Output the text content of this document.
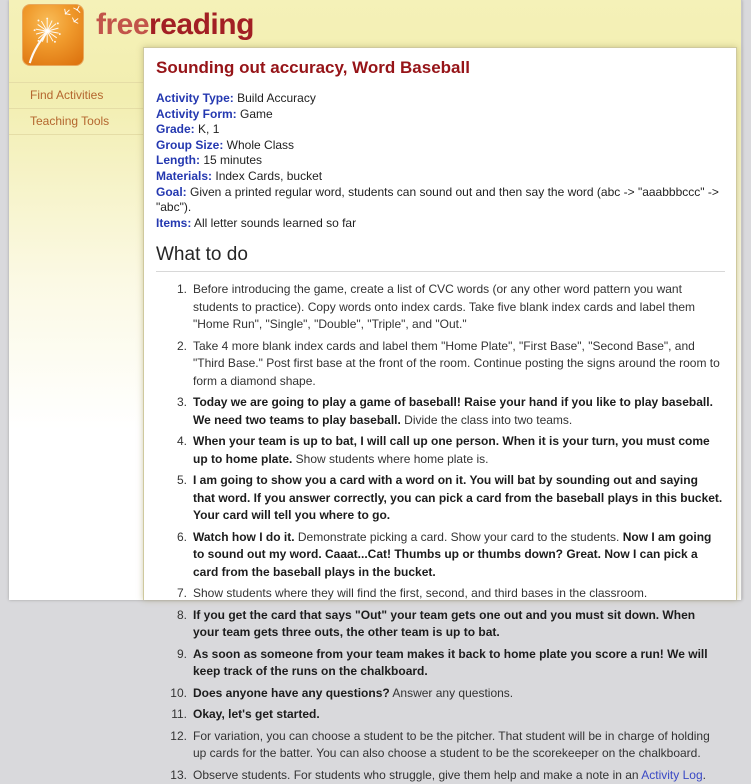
freereading
Find Activities
Teaching Tools
Sounding out accuracy, Word Baseball
Activity Type: Build Accuracy
Activity Form: Game
Grade: K, 1
Group Size: Whole Class
Length: 15 minutes
Materials: Index Cards, bucket
Goal: Given a printed regular word, students can sound out and then say the word (abc -> "aaabbbccc" -> "abc").
Items: All letter sounds learned so far
What to do
Before introducing the game, create a list of CVC words (or any other word pattern you want students to practice). Copy words onto index cards. Take five blank index cards and label them "Home Run", "Single", "Double", "Triple", and "Out."
Take 4 more blank index cards and label them "Home Plate", "First Base", "Second Base", and "Third Base." Post first base at the front of the room. Continue posting the signs around the room to form a diamond shape.
Today we are going to play a game of baseball! Raise your hand if you like to play baseball. We need two teams to play baseball. Divide the class into two teams.
When your team is up to bat, I will call up one person. When it is your turn, you must come up to home plate. Show students where home plate is.
I am going to show you a card with a word on it. You will bat by sounding out and saying that word. If you answer correctly, you can pick a card from the baseball plays in this bucket. Your card will tell you where to go.
Watch how I do it. Demonstrate picking a card. Show your card to the students. Now I am going to sound out my word. Caaat...Cat! Thumbs up or thumbs down? Great. Now I can pick a card from the baseball plays in the bucket.
Show students where they will find the first, second, and third bases in the classroom.
If you get the card that says "Out" your team gets one out and you must sit down. When your team gets three outs, the other team is up to bat.
As soon as someone from your team makes it back to home plate you score a run! We will keep track of the runs on the chalkboard.
Does anyone have any questions? Answer any questions.
Okay, let's get started.
For variation, you can choose a student to be the pitcher. That student will be in charge of holding up cards for the batter. You can also choose a student to be the scorekeeper on the chalkboard.
Observe students. For students who struggle, give them help and make a note in an Activity Log.
